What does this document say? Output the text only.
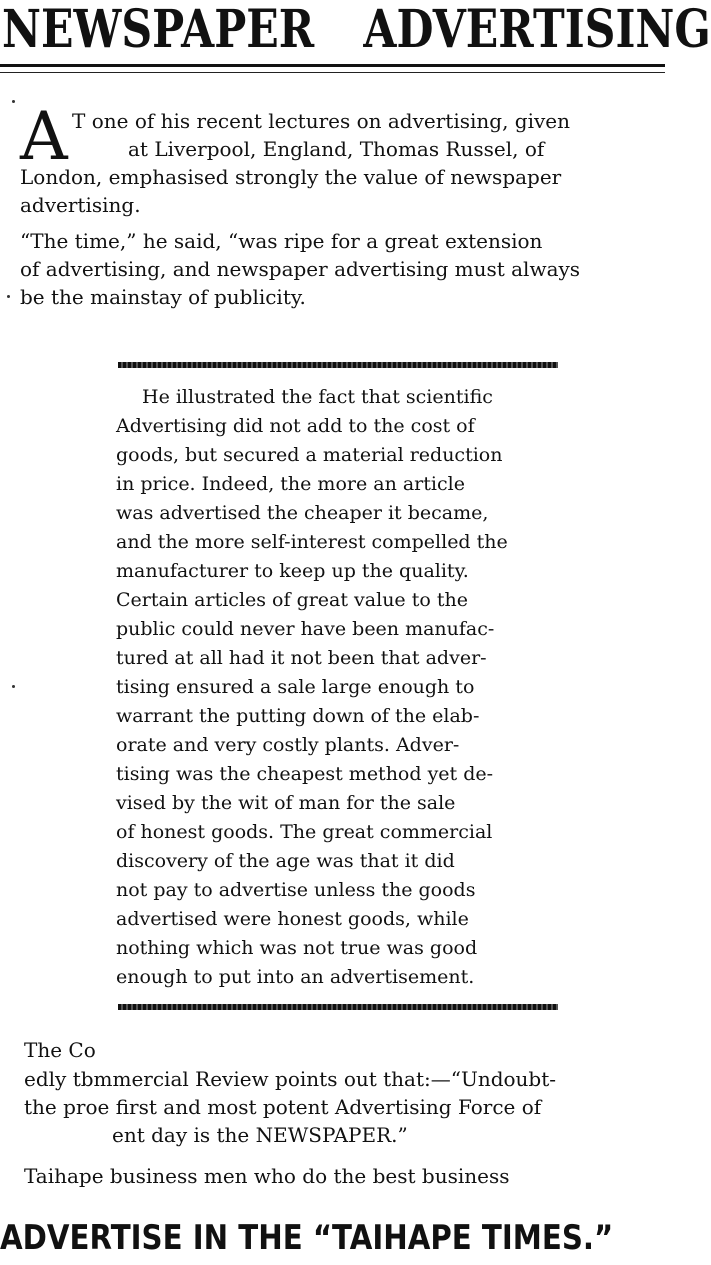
NEWSPAPER ADVERTISING
A T one of his recent lectures on advertising, given
at Liverpool, England, Thomas Russel, of
London, emphasised strongly the value of newspaper
advertising.
“The time,” he said, “was ripe for a great extension
of advertising, and newspaper advertising must always
be the mainstay of publicity.
He illustrated the fact that scientific
Advertising did not add to the cost of
goods, but secured a material reduction
in price. Indeed, the more an article
was advertised the cheaper it became,
and the more self-interest compelled the
manufacturer to keep up the quality.
Certain articles of great value to the
public could never have been manufac-
tured at all had it not been that adver-
tising ensured a sale large enough to
warrant the putting down of the elab-
orate and very costly plants. Adver-
tising was the cheapest method yet de-
vised by the wit of man for the sale
of honest goods. The great commercial
discovery of the age was that it did
not pay to advertise unless the goods
advertised were honest goods, while
nothing which was not true was good
enough to put into an advertisement.
The Co
edly tbmmercial Review points out that:—“Undoubt-
the proe first and most potent Advertising Force of
ent day is the NEWSPAPER.”
Taihape business men who do the best business
ADVERTISE IN THE “TAIHAPE TIMES.”
